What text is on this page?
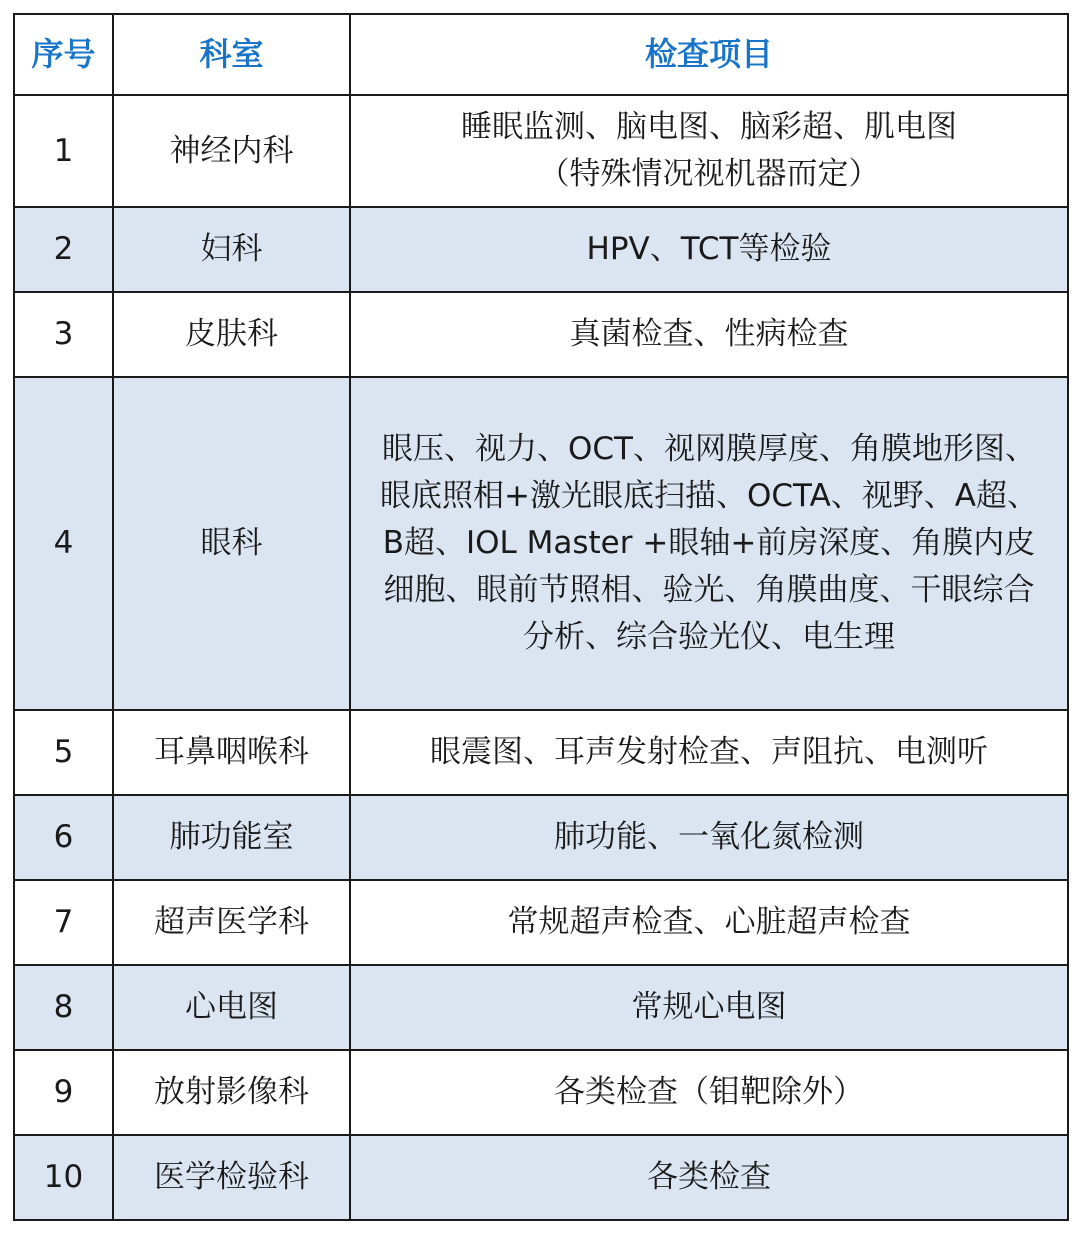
序号	科室	检查项目
1	神经内科	睡眠监测、脑电图、脑彩超、肌电图
（特殊情况视机器而定）

2	妇科	HPV、TCT等检验

3	皮肤科	真菌检查、性病检查

4	眼科	眼压、视力、OCT、视网膜厚度、角膜地形图、
眼底照相+激光眼底扫描、OCTA、视野、A超、
B超、IOL Master +眼轴+前房深度、角膜内皮
细胞、眼前节照相、验光、角膜曲度、干眼综合
分析、综合验光仪、电生理

5	耳鼻咽喉科	眼震图、耳声发射检查、声阻抗、电测听

6	肺功能室	肺功能、一氧化氮检测

7	超声医学科	常规超声检查、心脏超声检查

8	心电图	常规心电图

9	放射影像科	各类检查（钼靶除外）

10	医学检验科	各类检查
